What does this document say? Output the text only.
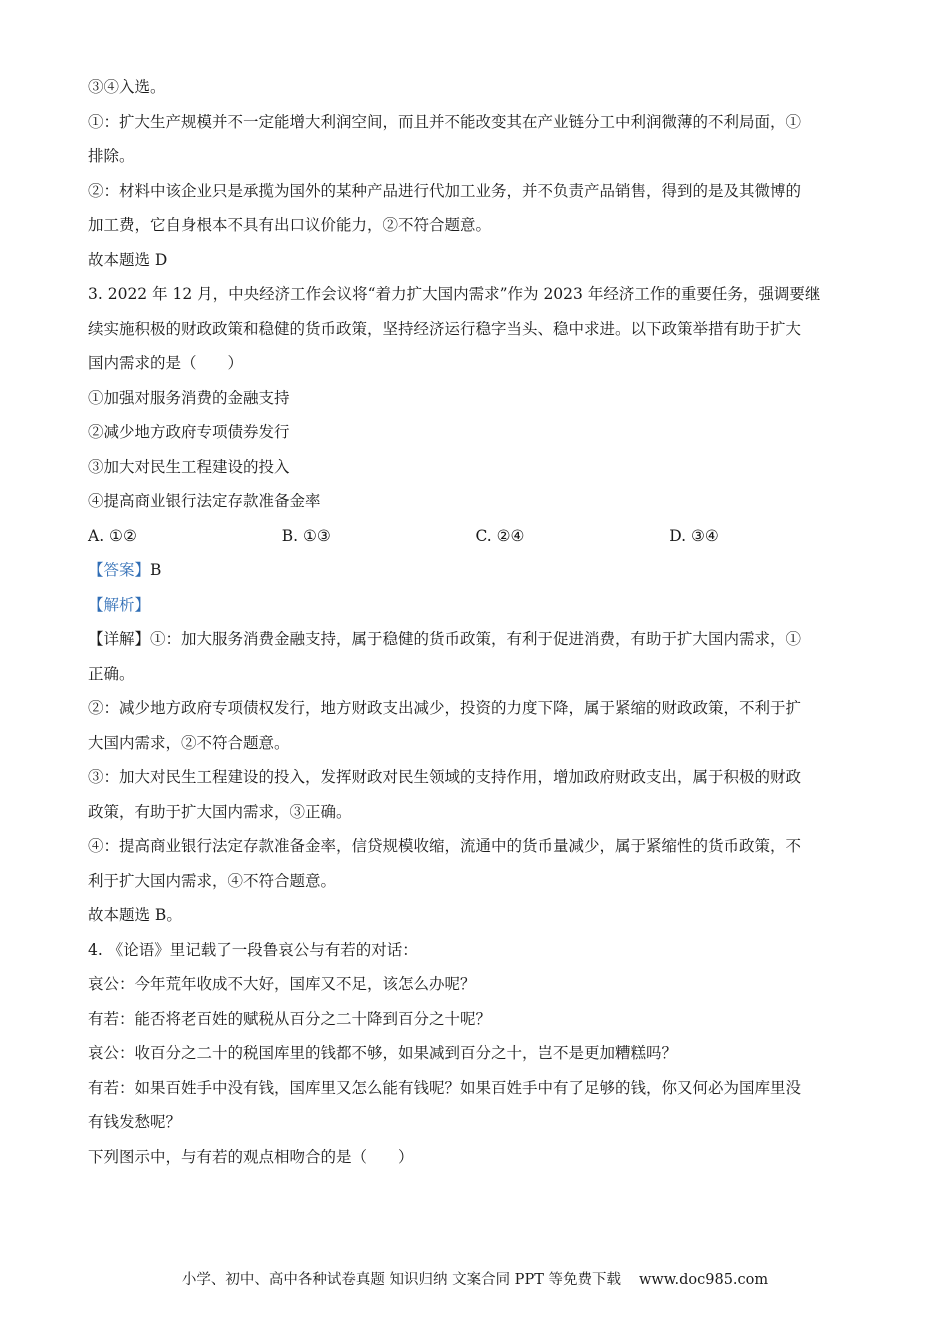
③④入选。
①：扩大生产规模并不一定能增大利润空间，而且并不能改变其在产业链分工中利润微薄的不利局面，①
排除。
②：材料中该企业只是承揽为国外的某种产品进行代加工业务，并不负责产品销售，得到的是及其微博的
加工费，它自身根本不具有出口议价能力，②不符合题意。
故本题选 D
3. 2022 年 12 月，中央经济工作会议将“着力扩大国内需求”作为 2023 年经济工作的重要任务，强调要继
续实施积极的财政政策和稳健的货币政策，坚持经济运行稳字当头、稳中求进。以下政策举措有助于扩大
国内需求的是（　　）
①加强对服务消费的金融支持
②减少地方政府专项债券发行
③加大对民生工程建设的投入
④提高商业银行法定存款准备金率
A. ①②	B. ①③	C. ②④	D. ③④
【答案】B
【解析】
【详解】①：加大服务消费金融支持，属于稳健的货币政策，有利于促进消费，有助于扩大国内需求，①
正确。
②：减少地方政府专项债权发行，地方财政支出减少，投资的力度下降，属于紧缩的财政政策，不利于扩
大国内需求，②不符合题意。
③：加大对民生工程建设的投入，发挥财政对民生领域的支持作用，增加政府财政支出，属于积极的财政
政策，有助于扩大国内需求，③正确。
④：提高商业银行法定存款准备金率，信贷规模收缩，流通中的货币量减少，属于紧缩性的货币政策，不
利于扩大国内需求，④不符合题意。
故本题选 B。
4. 《论语》里记载了一段鲁哀公与有若的对话：
哀公：今年荒年收成不大好，国库又不足，该怎么办呢？
有若：能否将老百姓的赋税从百分之二十降到百分之十呢？
哀公：收百分之二十的税国库里的钱都不够，如果减到百分之十，岂不是更加糟糕吗？
有若：如果百姓手中没有钱，国库里又怎么能有钱呢？如果百姓手中有了足够的钱，你又何必为国库里没
有钱发愁呢？
下列图示中，与有若的观点相吻合的是（　　）
小学、初中、高中各种试卷真题 知识归纳 文案合同 PPT 等免费下载 www.doc985.com
